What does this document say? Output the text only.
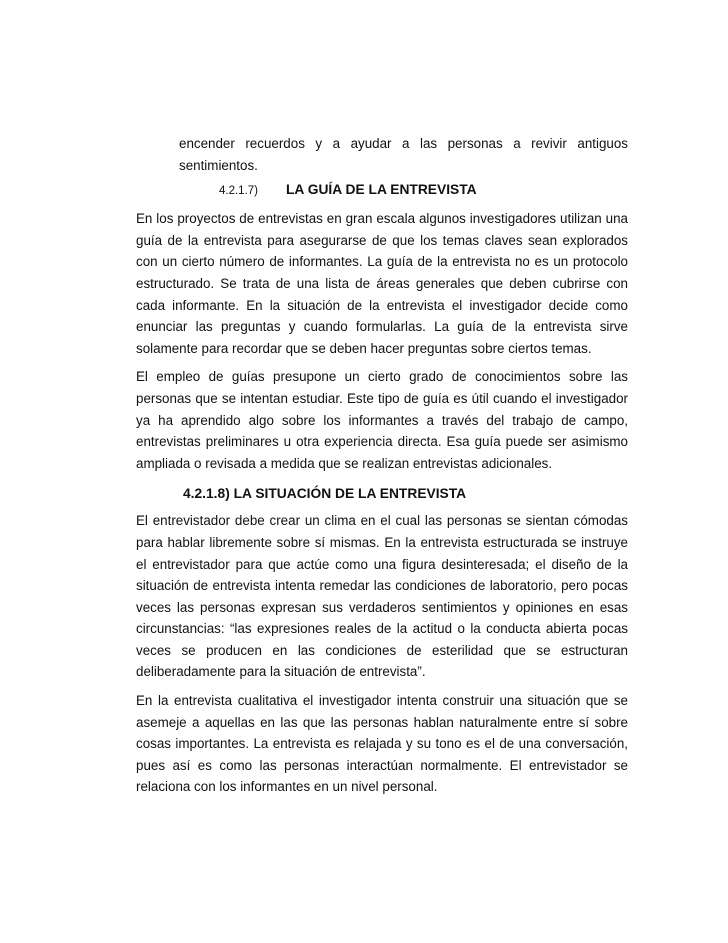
encender recuerdos y a ayudar a las personas a revivir antiguos sentimientos.

4.2.1.7)	LA GUÍA DE LA ENTREVISTA

En los proyectos de entrevistas en gran escala algunos investigadores utilizan una guía de la entrevista para asegurarse de que los temas claves sean explorados con un cierto número de informantes. La guía de la entrevista no es un protocolo estructurado. Se trata de una lista de áreas generales que deben cubrirse con cada informante. En la situación de la entrevista el investigador decide como enunciar las preguntas y cuando formularlas. La guía de la entrevista sirve solamente para recordar que se deben hacer preguntas sobre ciertos temas.

El empleo de guías presupone un cierto grado de conocimientos sobre las personas que se intentan estudiar. Este tipo de guía es útil cuando el investigador ya ha aprendido algo sobre los informantes a través del trabajo de campo, entrevistas preliminares u otra experiencia directa. Esa guía puede ser asimismo ampliada o revisada a medida que se realizan entrevistas adicionales.

4.2.1.8) LA SITUACIÓN DE LA ENTREVISTA

El entrevistador debe crear un clima en el cual las personas se sientan cómodas para hablar libremente sobre sí mismas. En la entrevista estructurada se instruye el entrevistador para que actúe como una figura desinteresada; el diseño de la situación de entrevista intenta remedar las condiciones de laboratorio, pero pocas veces las personas expresan sus verdaderos sentimientos y opiniones en esas circunstancias: “las expresiones reales de la actitud o la conducta abierta pocas veces se producen en las condiciones de esterilidad que se estructuran deliberadamente para la situación de entrevista”.

En la entrevista cualitativa el investigador intenta construir una situación que se asemeje a aquellas en las que las personas hablan naturalmente entre sí sobre cosas importantes. La entrevista es relajada y su tono es el de una conversación, pues así es como las personas interactúan normalmente. El entrevistador se relaciona con los informantes en un nivel personal.
